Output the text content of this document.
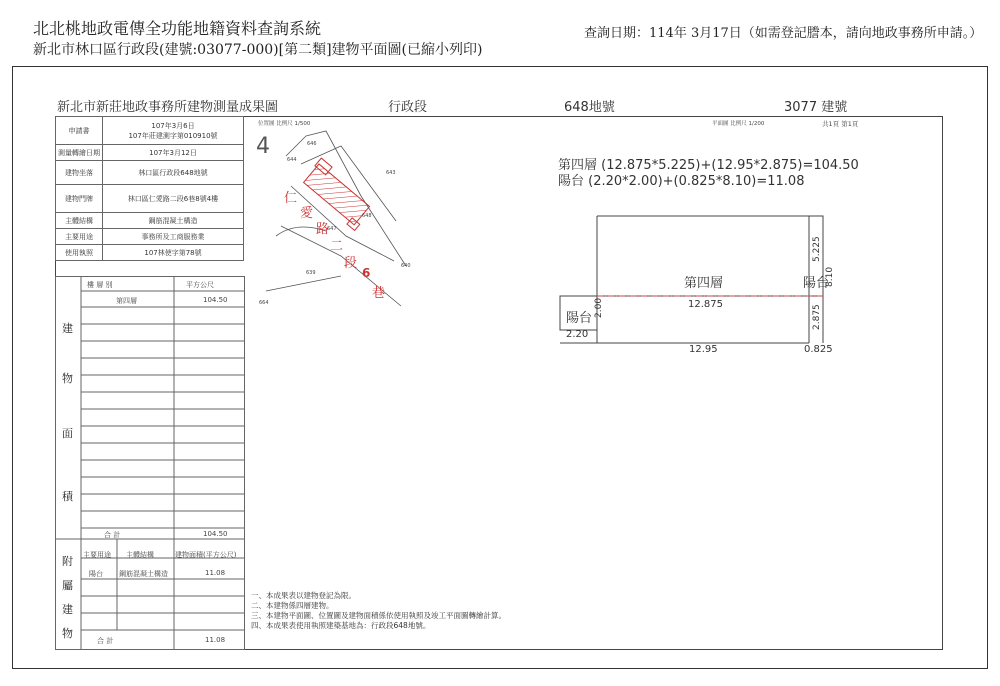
北北桃地政電傳全功能地籍資料查詢系統
新北市林口區行政段(建號:03077-000)[第二類]建物平面圖(已縮小列印)
查詢日期：114年 3月17日（如需登記謄本，請向地政事務所申請。）
新北市新莊地政事務所建物測量成果圖	行政段	648地號	3077 建號
申請書	107年3月6日
107年莊建測字第010910號

測量轉繪日期	107年3月12日
建物坐落	林口區行政段648地號
建物門牌	林口區仁愛路二段6巷8號4樓
主體結構	鋼筋混凝土構造
主要用途	事務所及工商服務業
使用執照	107林使字第78號
樓 層 別	平方公尺
第四層	104.50
合 計	104.50
建
物
面
積
主要用途 主體結構	建物面積(平方公尺)
陽台 鋼筋混凝土構造	11.08
合 計	11.08
附
屬
建
物
位置圖 比例尺 1/500
4
仁
愛
路
二
段
6
巷
646
644
647
648
643
639
640
664
平面圖 比例尺 1/200	共1頁 第1頁
第四層 (12.875*5.225)+(12.95*2.875)=104.50
陽台 (2.20*2.00)+(0.825*8.10)=11.08
第四層
陽台
陽台
12.875
12.95	0.825
2.20
2.00
5.225
2.875
8.10
一、本成果表以建物登記為限。
二、本建物係四層建物。
三、本建物平面圖、位置圖及建物面積係依使用執照及竣工平面圖轉繪計算。
四、本成果表使用執照建築基地為：行政段648地號。
